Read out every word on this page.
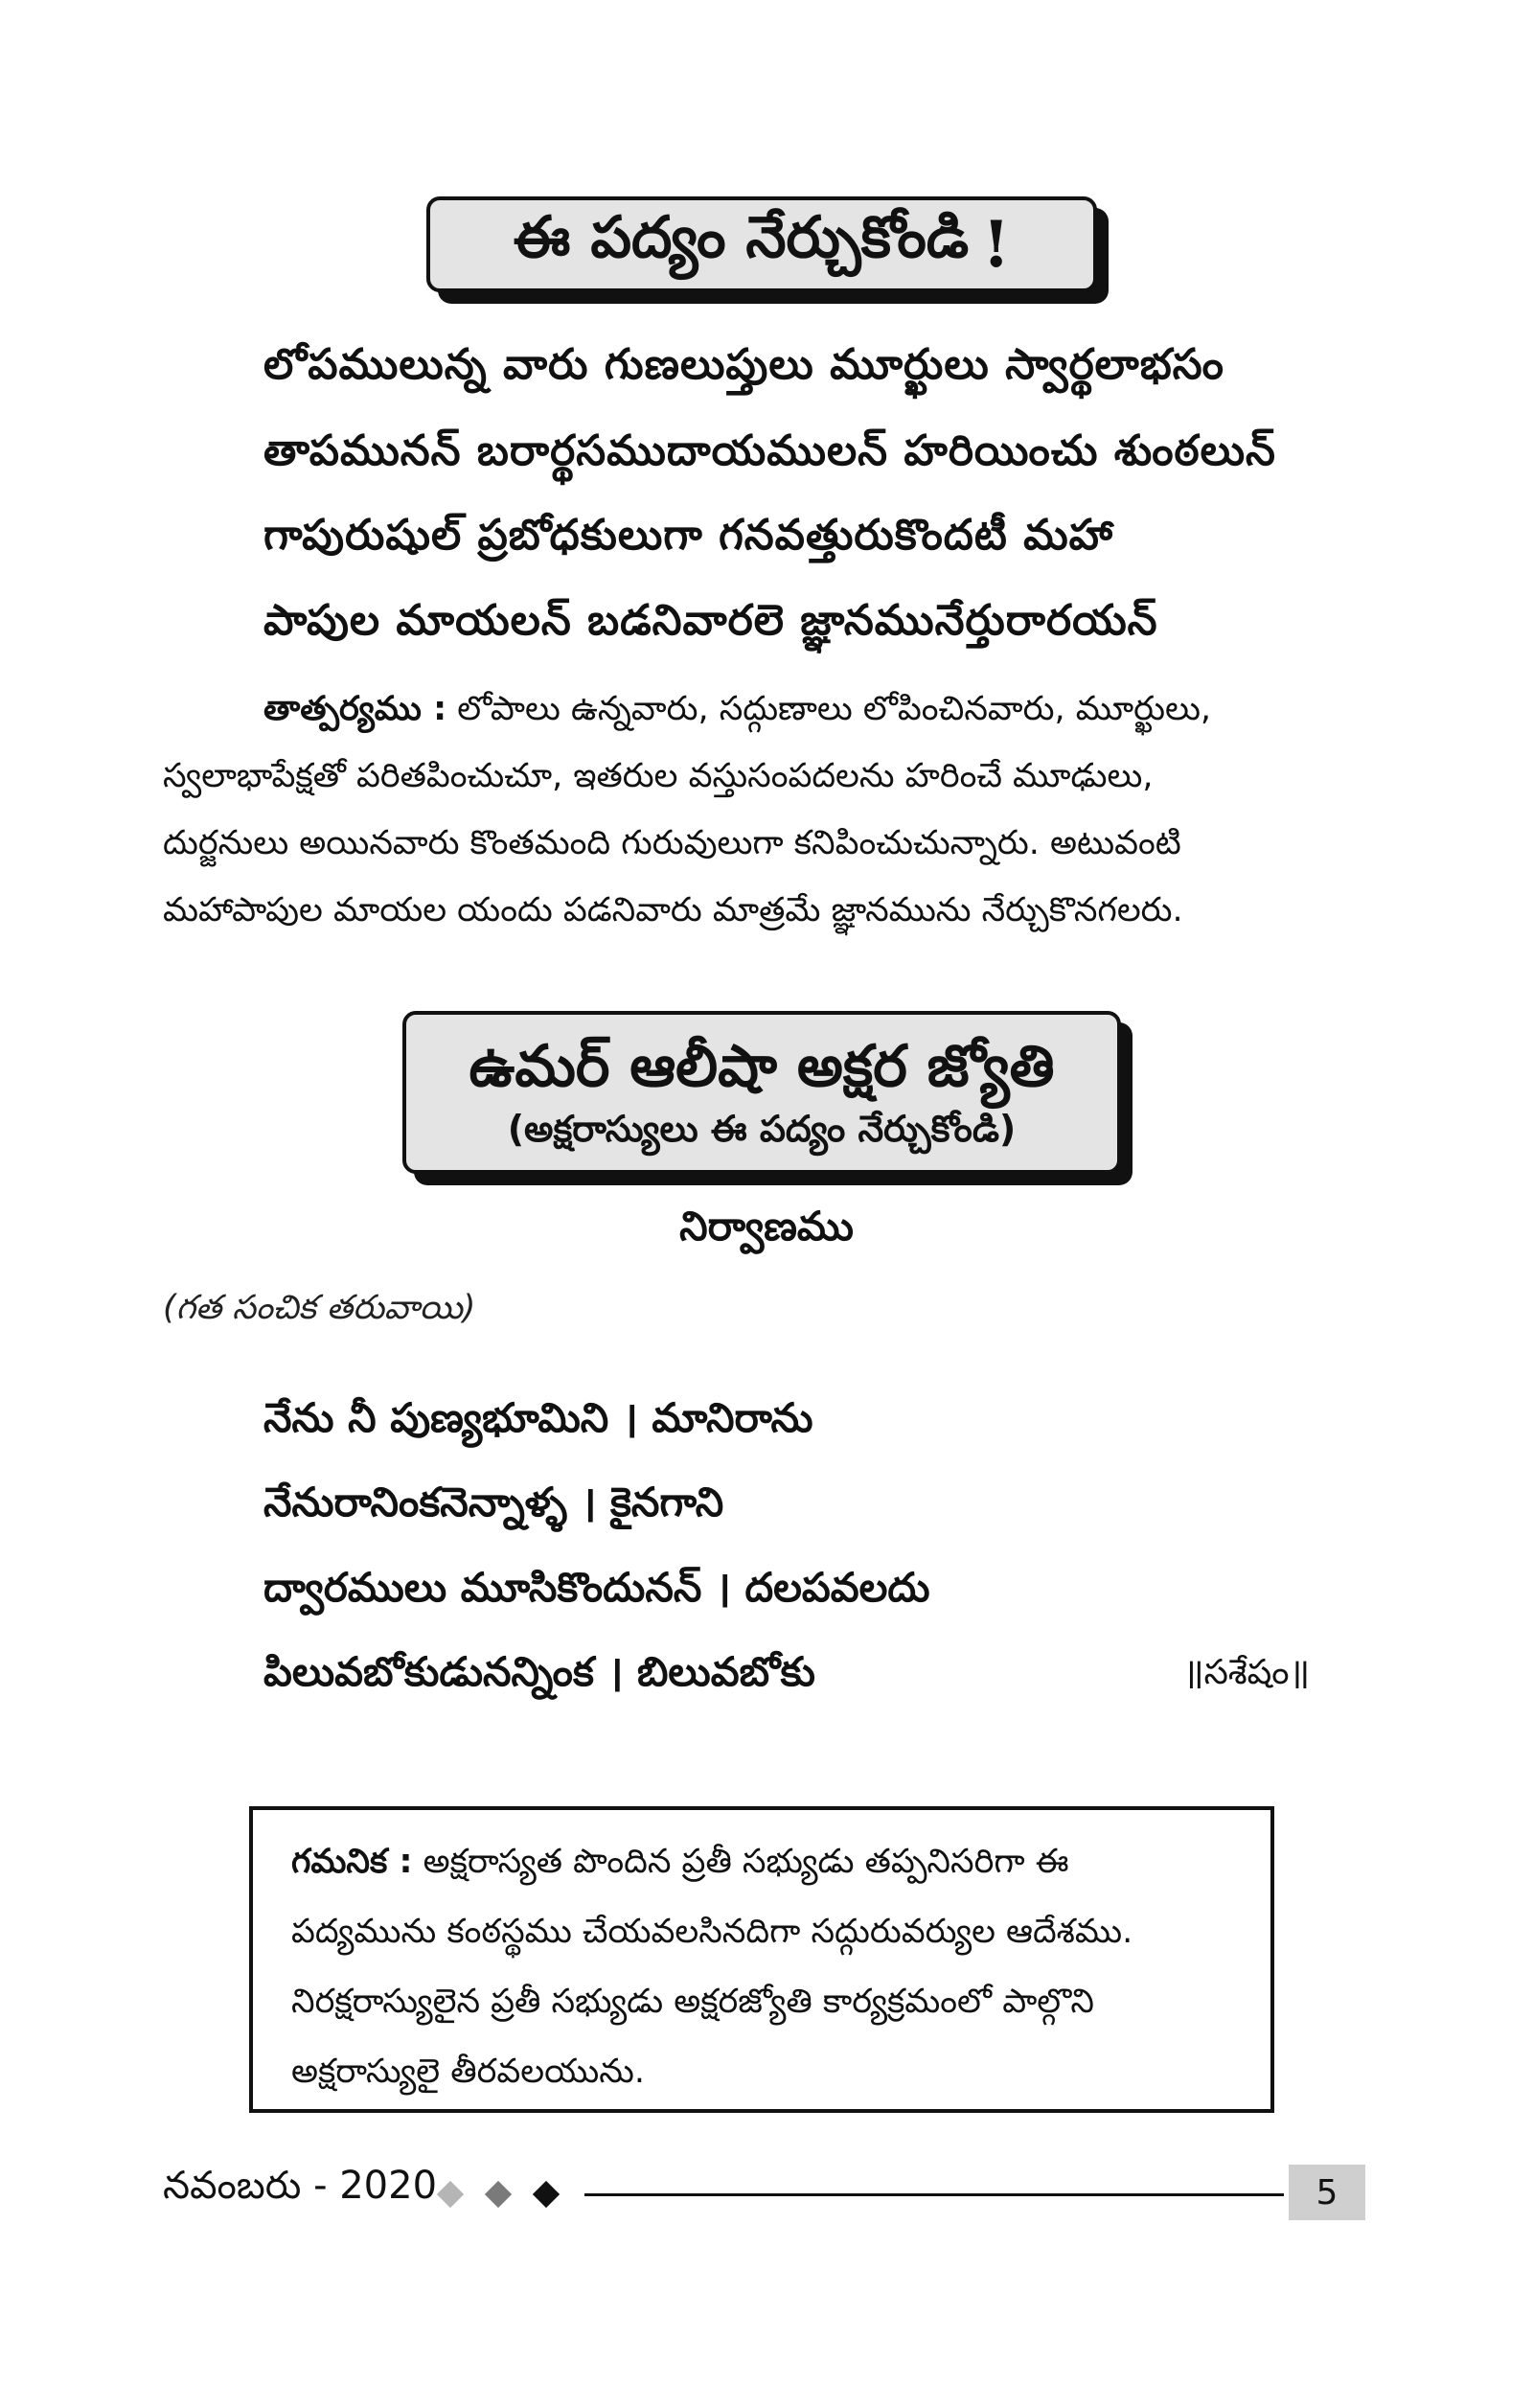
ఈ పద్యం నేర్చుకోండి !
లోపములున్న వారు గుణలుప్తులు మూర్ఖులు స్వార్థలాభసం
తాపమునన్ బరార్థసముదాయములన్ హరియించు శుంఠలున్
గాపురుషుల్ ప్రబోధకులుగా గనవత్తురుకొందటీ మహా
పాపుల మాయలన్ బడనివారలె జ్ఞానమునేర్తురారయన్
తాత్పర్యము : లోపాలు ఉన్నవారు, సద్గుణాలు లోపించినవారు, మూర్ఖులు,
స్వలాభాపేక్షతో పరితపించుచూ, ఇతరుల వస్తుసంపదలను హరించే మూఢులు,
దుర్జనులు అయినవారు కొంతమంది గురువులుగా కనిపించుచున్నారు. అటువంటి
మహాపాపుల మాయల యందు పడనివారు మాత్రమే జ్ఞానమును నేర్చుకొనగలరు.
ఉమర్ ఆలీషా అక్షర జ్యోతి
(అక్షరాస్యులు ఈ పద్యం నేర్చుకోండి)
నిర్వాణము
(గత సంచిక తరువాయి)
నేను నీ పుణ్యభూమిని । మానిరాను
నేనురానింకనెన్నాళ్ళ । కైనగాని
ద్వారములు మూసికొందునన్ । దలపవలదు
పిలువబోకుడునన్నింక । బిలువబోకు	॥సశేషం॥
గమనిక : అక్షరాస్యత పొందిన ప్రతీ సభ్యుడు తప్పనిసరిగా ఈ
పద్యమును కంఠస్థము చేయవలసినదిగా సద్గురువర్యుల ఆదేశము.
నిరక్షరాస్యులైన ప్రతీ సభ్యుడు అక్షరజ్యోతి కార్యక్రమంలో పాల్గొని
అక్షరాస్యులై తీరవలయును.
నవంబరు - 2020	5
